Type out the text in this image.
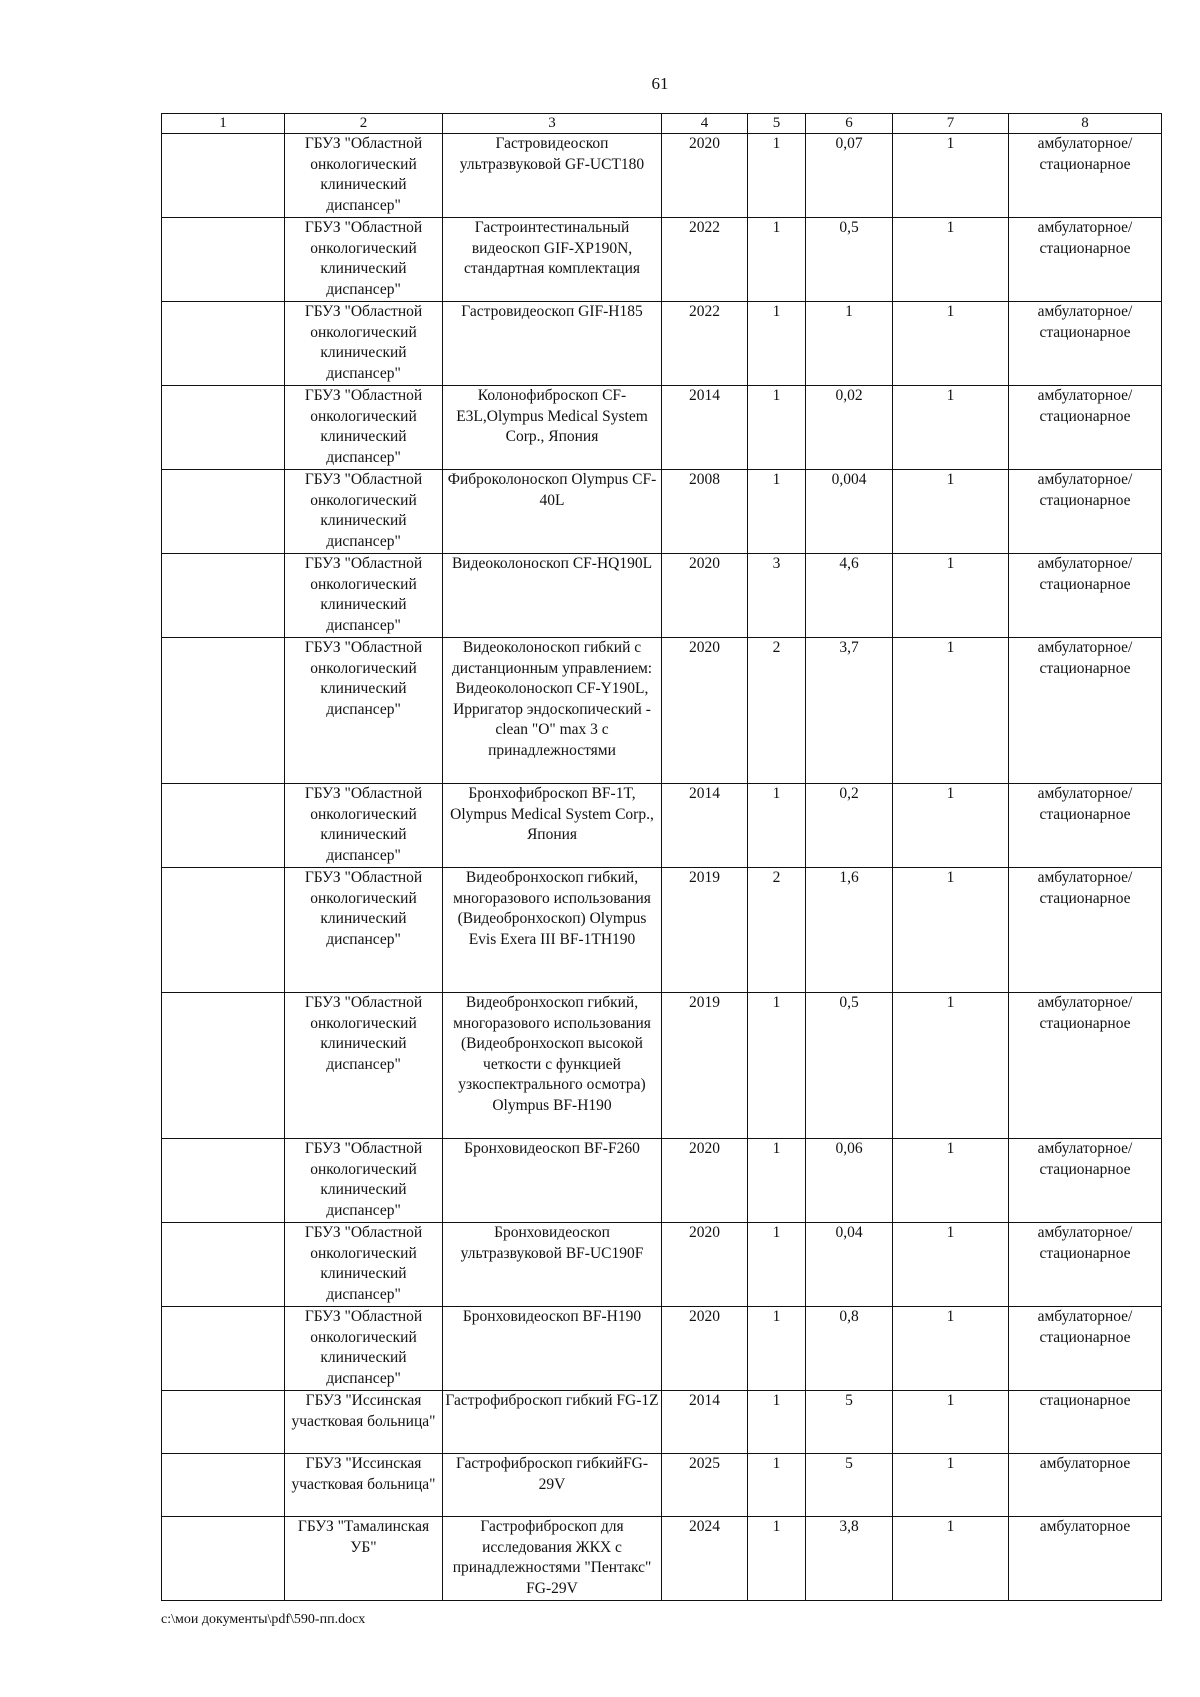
61
1	2	3	4	5	6	7	8
	ГБУЗ "Областной онкологический клинический диспансер"	Гастровидеоскоп ультразвуковой GF-UCT180	2020	1	0,07	1	амбулаторное/ стационарное
	ГБУЗ "Областной онкологический клинический диспансер"	Гастроинтестинальный видеоскоп GIF-XP190N, стандартная комплектация	2022	1	0,5	1	амбулаторное/ стационарное
	ГБУЗ "Областной онкологический клинический диспансер"	Гастровидеоскоп GIF-H185	2022	1	1	1	амбулаторное/ стационарное
	ГБУЗ "Областной онкологический клинический диспансер"	Колонофиброскоп CF-E3L,Olympus Medical System Corp., Япония	2014	1	0,02	1	амбулаторное/ стационарное
	ГБУЗ "Областной онкологический клинический диспансер"	Фиброколоноскоп Olympus CF-40L	2008	1	0,004	1	амбулаторное/ стационарное
	ГБУЗ "Областной онкологический клинический диспансер"	Видеоколоноскоп CF-HQ190L	2020	3	4,6	1	амбулаторное/ стационарное
	ГБУЗ "Областной онкологический клинический диспансер"	Видеоколоноскоп гибкий с дистанционным управлением: Видеоколоноскоп CF-Y190L, Ирригатор эндоскопический -clean "O" max 3 с принадлежностями	2020	2	3,7	1	амбулаторное/ стационарное
	ГБУЗ "Областной онкологический клинический диспансер"	Бронхофиброскоп BF-1T, Olympus Medical System Corp., Япония	2014	1	0,2	1	амбулаторное/ стационарное
	ГБУЗ "Областной онкологический клинический диспансер"	Видеобронхоскоп гибкий, многоразового использования (Видеобронхоскоп) Olympus Evis Exera III BF-1TH190	2019	2	1,6	1	амбулаторное/ стационарное
	ГБУЗ "Областной онкологический клинический диспансер"	Видеобронхоскоп гибкий, многоразового использования (Видеобронхоскоп высокой четкости с функцией узкоспектрального осмотра) Olympus BF-H190	2019	1	0,5	1	амбулаторное/ стационарное
	ГБУЗ "Областной онкологический клинический диспансер"	Бронховидеоскоп BF-F260	2020	1	0,06	1	амбулаторное/ стационарное
	ГБУЗ "Областной онкологический клинический диспансер"	Бронховидеоскоп ультразвуковой BF-UC190F	2020	1	0,04	1	амбулаторное/ стационарное
	ГБУЗ "Областной онкологический клинический диспансер"	Бронховидеоскоп BF-H190	2020	1	0,8	1	амбулаторное/ стационарное
	ГБУЗ "Иссинская участковая больница"	Гастрофиброскоп гибкий FG-1Z	2014	1	5	1	стационарное
	ГБУЗ "Иссинская участковая больница"	Гастрофиброскоп гибкийFG-29V	2025	1	5	1	амбулаторное
	ГБУЗ "Тамалинская УБ"	Гастрофиброскоп для исследования ЖКХ с принадлежностями "Пентакс" FG-29V	2024	1	3,8	1	амбулаторное
c:\мои документы\pdf\590-пп.docx
